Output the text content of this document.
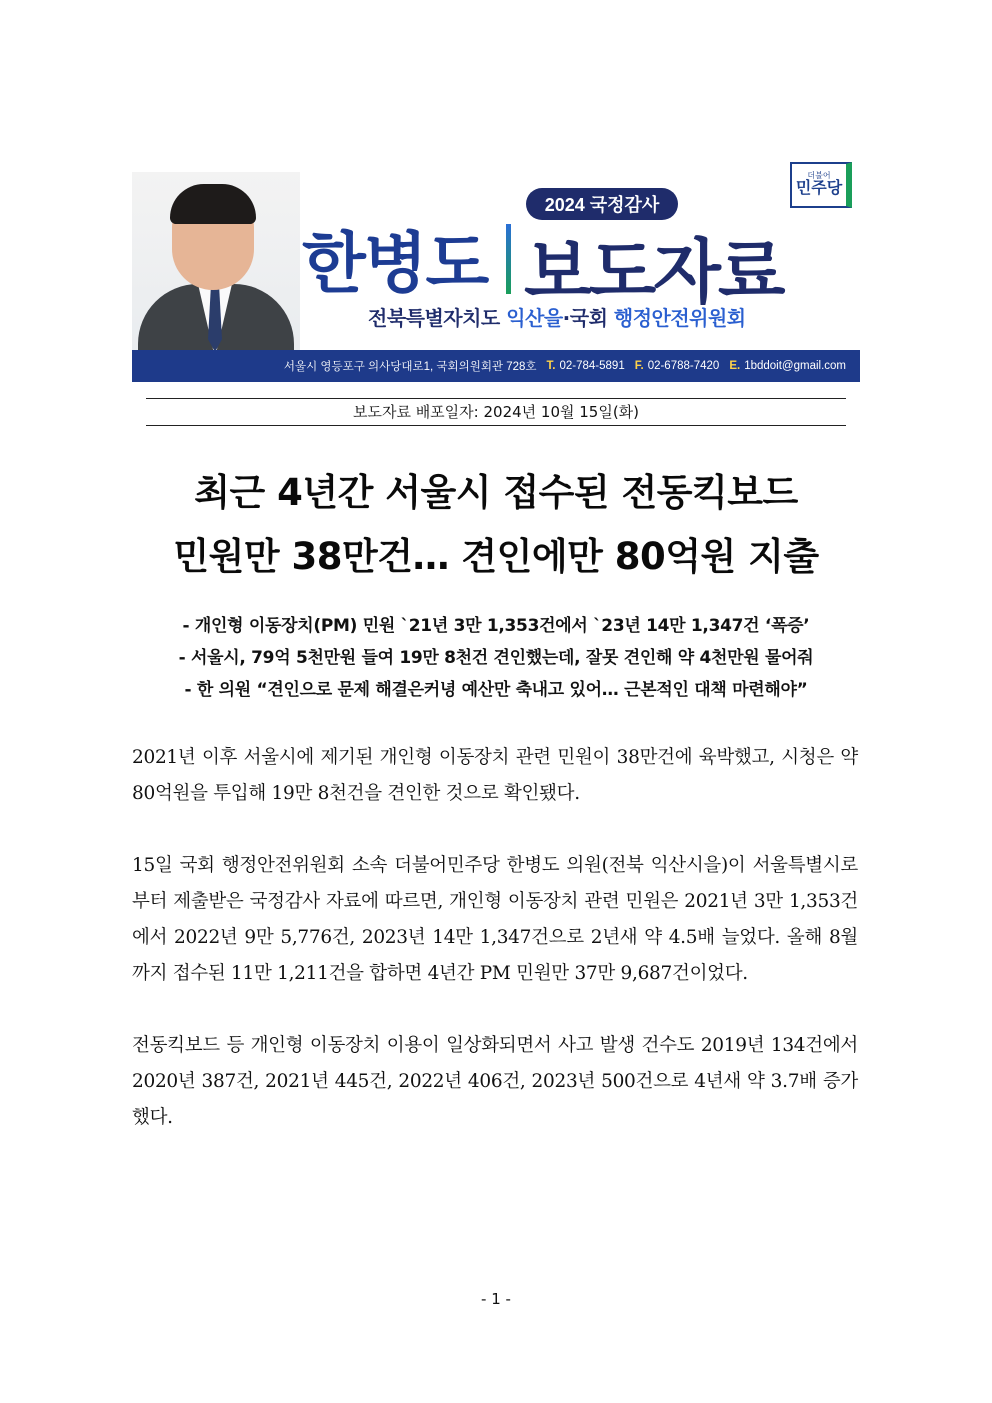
더불어
민주당
2024 국정감사
한병도 보도자료
전북특별자치도 익산을·국회 행정안전위원회
서울시 영등포구 의사당대로1, 국회의원회관 728호 T. 02-784-5891 F. 02-6788-7420 E. 1bddoit@gmail.com
보도자료 배포일자: 2024년 10월 15일(화)
최근 4년간 서울시 접수된 전동킥보드
민원만 38만건… 견인에만 80억원 지출
- 개인형 이동장치(PM) 민원 `21년 3만 1,353건에서 `23년 14만 1,347건 ‘폭증’
- 서울시, 79억 5천만원 들여 19만 8천건 견인했는데, 잘못 견인해 약 4천만원 물어줘
- 한 의원 “견인으로 문제 해결은커녕 예산만 축내고 있어… 근본적인 대책 마련해야”

2021년 이후 서울시에 제기된 개인형 이동장치 관련 민원이 38만건에 육박했고, 시청은 약 80억원을 투입해 19만 8천건을 견인한 것으로 확인됐다.

15일 국회 행정안전위원회 소속 더불어민주당 한병도 의원(전북 익산시을)이 서울특별시로부터 제출받은 국정감사 자료에 따르면, 개인형 이동장치 관련 민원은 2021년 3만 1,353건에서 2022년 9만 5,776건, 2023년 14만 1,347건으로 2년새 약 4.5배 늘었다. 올해 8월까지 접수된 11만 1,211건을 합하면 4년간 PM 민원만 37만 9,687건이었다.

전동킥보드 등 개인형 이동장치 이용이 일상화되면서 사고 발생 건수도 2019년 134건에서 2020년 387건, 2021년 445건, 2022년 406건, 2023년 500건으로 4년새 약 3.7배 증가했다.

- 1 -
